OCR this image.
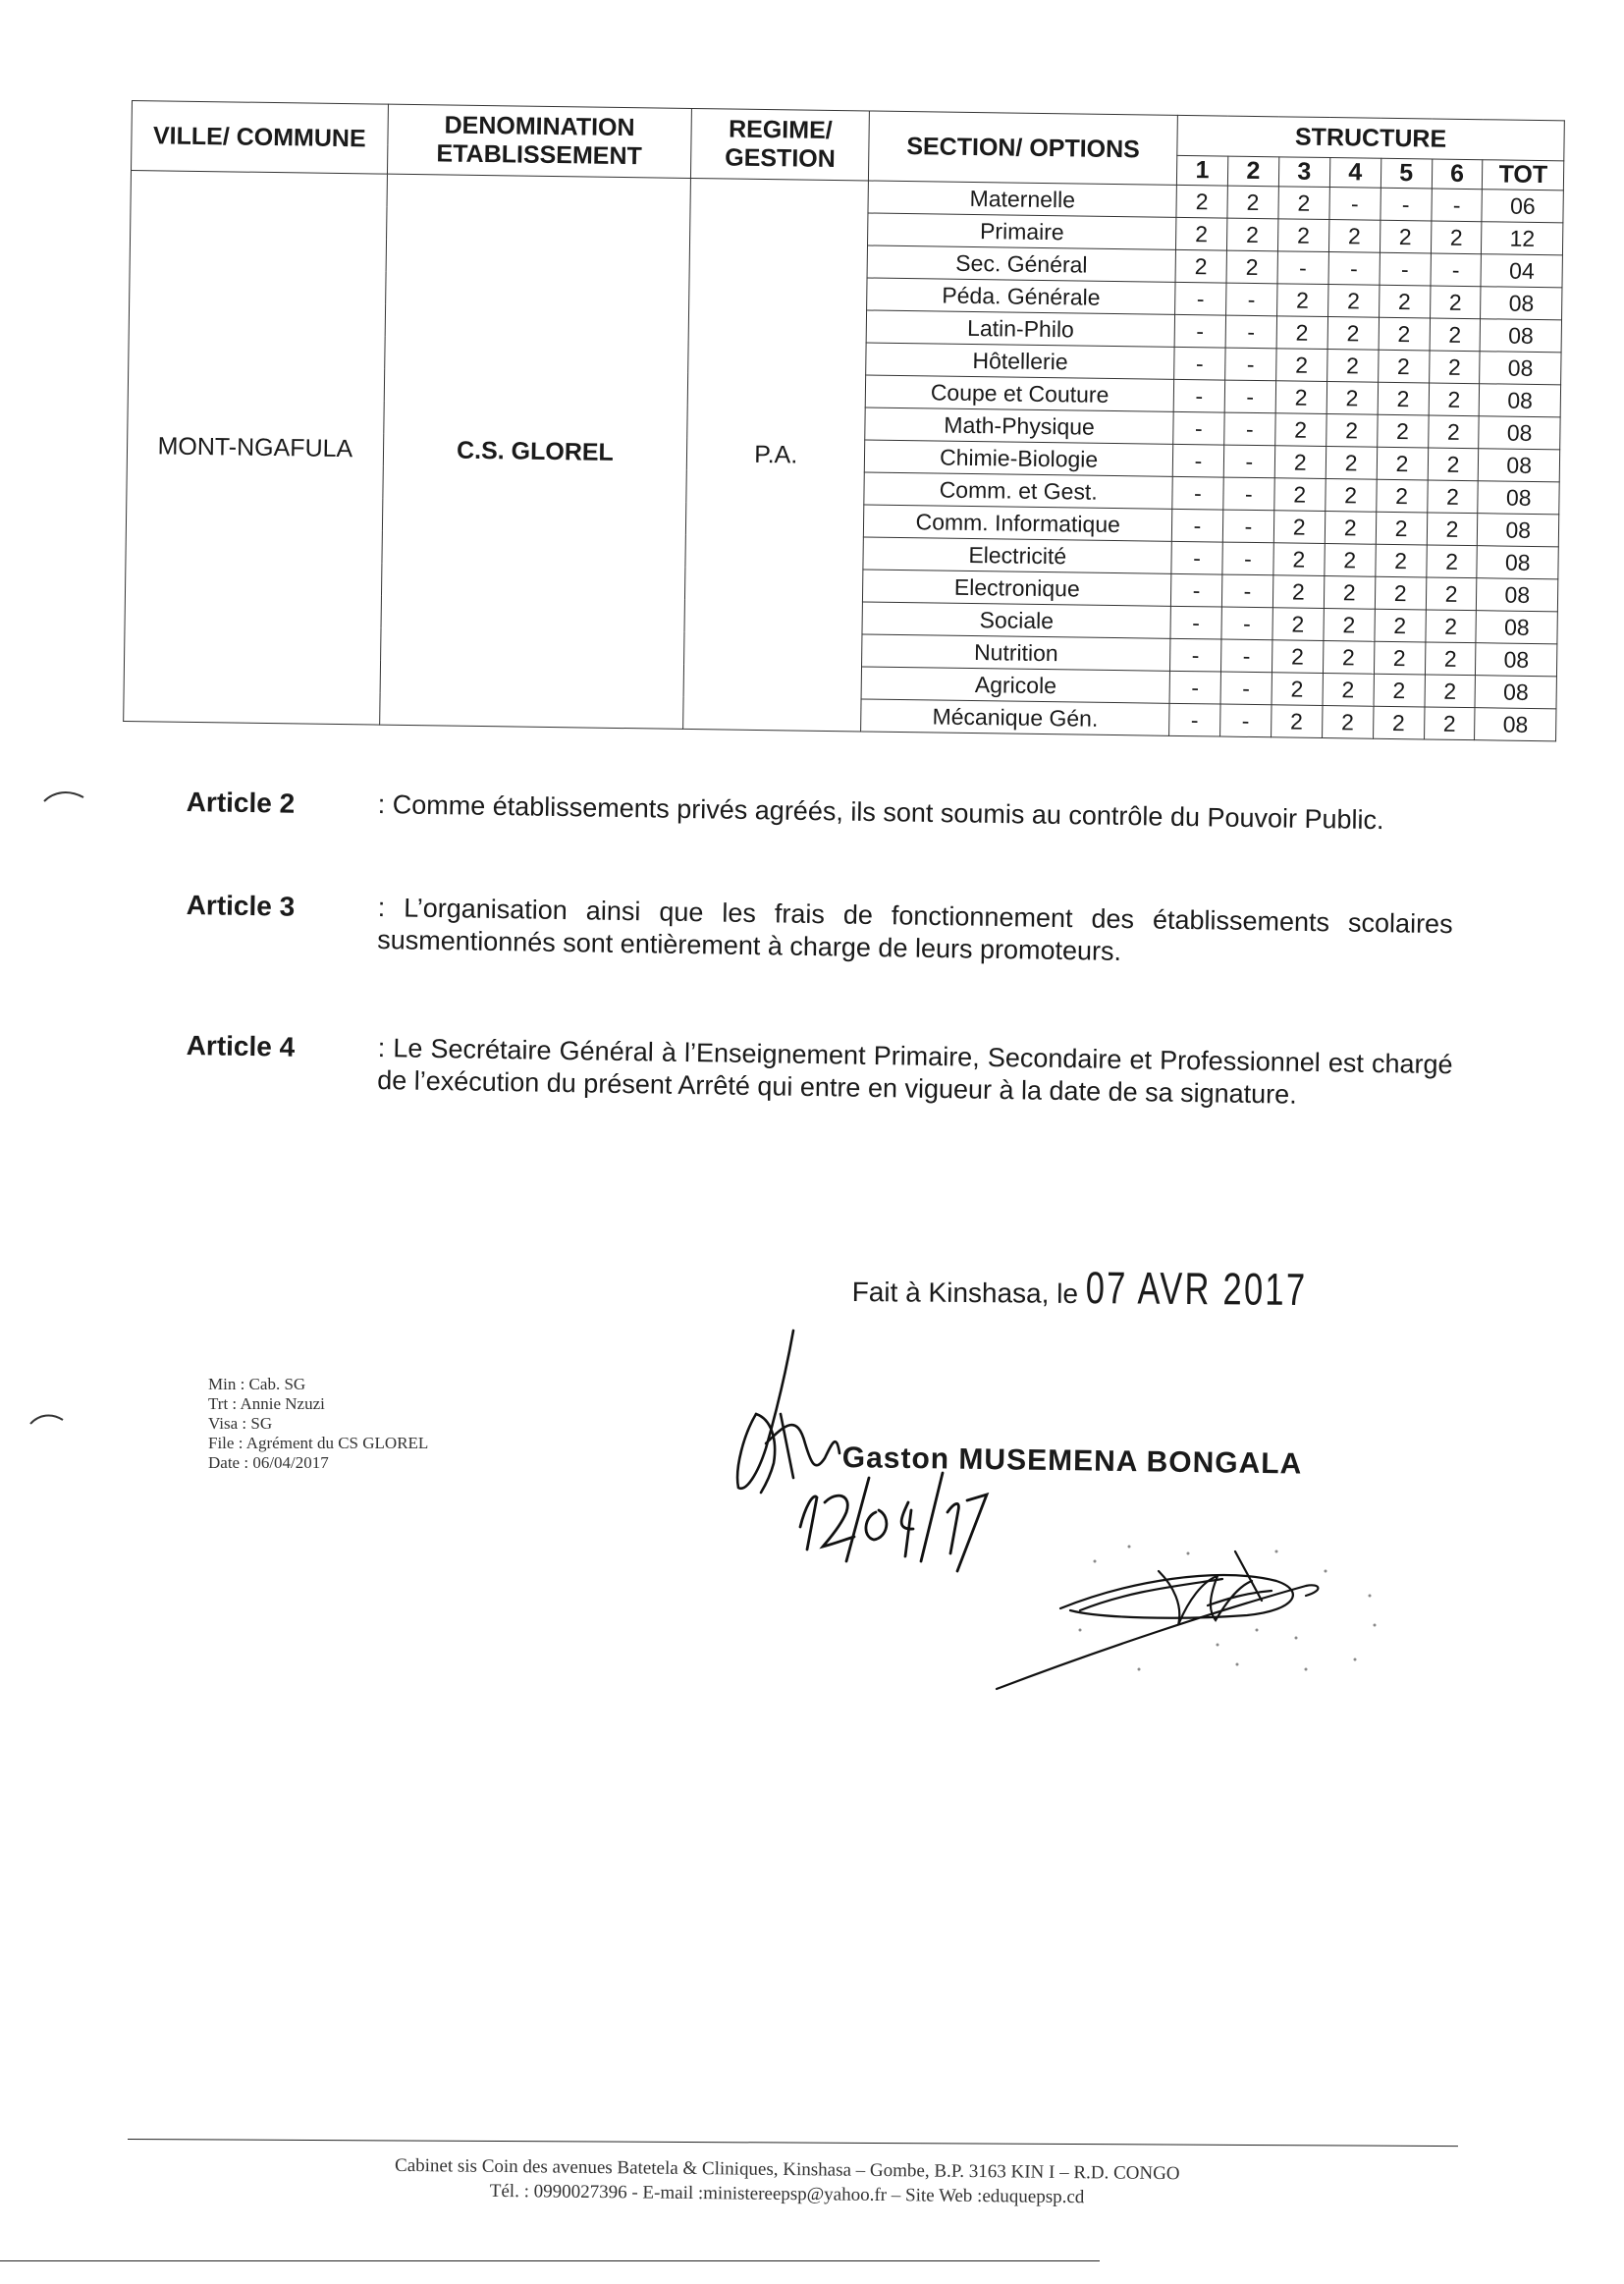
VILLE/ COMMUNE	DENOMINATION ETABLISSEMENT	REGIME/ GESTION	SECTION/ OPTIONS	STRUCTURE						
				1	2	3	4	5	6	TOT
MONT-NGAFULA	C.S. GLOREL	P.A.	Maternelle	2	2	2	-	-	-	06
			Primaire	2	2	2	2	2	2	12
			Sec. Général	2	2	-	-	-	-	04
			Péda. Générale	-	-	2	2	2	2	08
			Latin-Philo	-	-	2	2	2	2	08
			Hôtellerie	-	-	2	2	2	2	08
			Coupe et Couture	-	-	2	2	2	2	08
			Math-Physique	-	-	2	2	2	2	08
			Chimie-Biologie	-	-	2	2	2	2	08
			Comm. et Gest.	-	-	2	2	2	2	08
			Comm. Informatique	-	-	2	2	2	2	08
			Electricité	-	-	2	2	2	2	08
			Electronique	-	-	2	2	2	2	08
			Sociale	-	-	2	2	2	2	08
			Nutrition	-	-	2	2	2	2	08
			Agricole	-	-	2	2	2	2	08
			Mécanique Gén.	-	-	2	2	2	2	08
Article 2	: Comme établissements privés agréés, ils sont soumis au contrôle du Pouvoir Public.
Article 3	: L’organisation ainsi que les frais de fonctionnement des établissements scolaires susmentionnés sont entièrement à charge de leurs promoteurs.
Article 4	: Le Secrétaire Général à l’Enseignement Primaire, Secondaire et Professionnel est chargé de l’exécution du présent Arrêté qui entre en vigueur à la date de sa signature.
Fait à Kinshasa, le 07 AVR 2017
Min : Cab. SG
Trt : Annie Nzuzi
Visa : SG
File : Agrément du CS GLOREL
Date : 06/04/2017	Gaston MUSEMENA BONGALA
Cabinet sis Coin des avenues Batetela & Cliniques, Kinshasa – Gombe, B.P. 3163 KIN I – R.D. CONGO
Tél. : 0990027396 - E-mail :ministereepsp@yahoo.fr – Site Web :eduquepsp.cd
